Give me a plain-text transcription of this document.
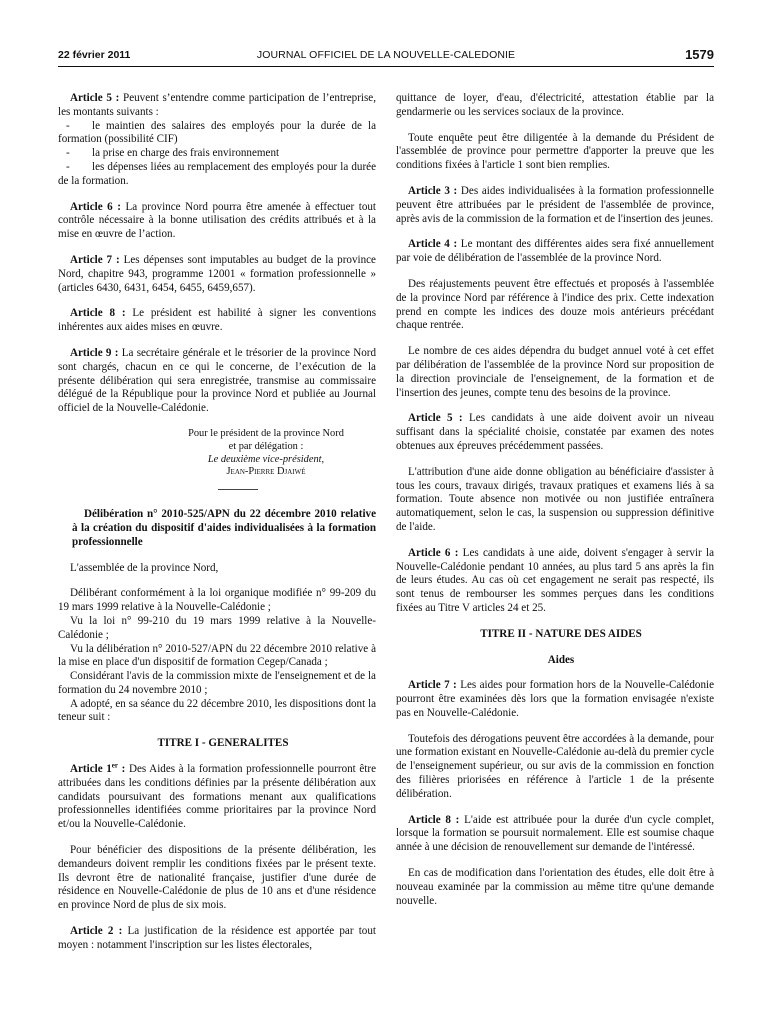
22 février 2011	JOURNAL OFFICIEL DE LA NOUVELLE-CALEDONIE	1579

Article 5 : Peuvent s’entendre comme participation de l’entreprise, les montants suivants :

- le maintien des salaires des employés pour la durée de la formation (possibilité CIF)

- la prise en charge des frais environnement

- les dépenses liées au remplacement des employés pour la durée de la formation.

Article 6 : La province Nord pourra être amenée à effectuer tout contrôle nécessaire à la bonne utilisation des crédits attribués et à la mise en œuvre de l’action.

Article 7 : Les dépenses sont imputables au budget de la province Nord, chapitre 943, programme 12001 « formation professionnelle » (articles 6430, 6431, 6454, 6455, 6459,657).

Article 8 : Le président est habilité à signer les conventions inhérentes aux aides mises en œuvre.

Article 9 : La secrétaire générale et le trésorier de la province Nord sont chargés, chacun en ce qui le concerne, de l’exécution de la présente délibération qui sera enregistrée, transmise au commissaire délégué de la République pour la province Nord et publiée au Journal officiel de la Nouvelle-Calédonie.

Pour le président de la province Nord
et par délégation :
Le deuxième vice-président,
Jean-Pierre Djaiwé

Délibération n° 2010-525/APN du 22 décembre 2010 relative à la création du dispositif d'aides individualisées à la formation professionnelle

L'assemblée de la province Nord,

Délibérant conformément à la loi organique modifiée n° 99-209 du 19 mars 1999 relative à la Nouvelle-Calédonie ;

Vu la loi n° 99-210 du 19 mars 1999 relative à la Nouvelle-Calédonie ;

Vu la délibération n° 2010-527/APN du 22 décembre 2010 relative à la mise en place d'un dispositif de formation Cegep/Canada ;

Considérant l'avis de la commission mixte de l'enseignement et de la formation du 24 novembre 2010 ;

A adopté, en sa séance du 22 décembre 2010, les dispositions dont la teneur suit :

TITRE I - GENERALITES

Article 1er : Des Aides à la formation professionnelle pourront être attribuées dans les conditions définies par la présente délibération aux candidats poursuivant des formations menant aux qualifications professionnelles identifiées comme prioritaires par la province Nord et/ou la Nouvelle-Calédonie.

Pour bénéficier des dispositions de la présente délibération, les demandeurs doivent remplir les conditions fixées par le présent texte. Ils devront être de nationalité française, justifier d'une durée de résidence en Nouvelle-Calédonie de plus de 10 ans et d'une résidence en province Nord de plus de six mois.

Article 2 : La justification de la résidence est apportée par tout moyen : notamment l'inscription sur les listes électorales,

quittance de loyer, d'eau, d'électricité, attestation établie par la gendarmerie ou les services sociaux de la province.

Toute enquête peut être diligentée à la demande du Président de l'assemblée de province pour permettre d'apporter la preuve que les conditions fixées à l'article 1 sont bien remplies.

Article 3 : Des aides individualisées à la formation professionnelle peuvent être attribuées par le président de l'assemblée de province, après avis de la commission de la formation et de l'insertion des jeunes.

Article 4 : Le montant des différentes aides sera fixé annuellement par voie de délibération de l'assemblée de la province Nord.

Des réajustements peuvent être effectués et proposés à l'assemblée de la province Nord par référence à l'indice des prix. Cette indexation prend en compte les indices des douze mois antérieurs précédant chaque rentrée.

Le nombre de ces aides dépendra du budget annuel voté à cet effet par délibération de l'assemblée de la province Nord sur proposition de la direction provinciale de l'enseignement, de la formation et de l'insertion des jeunes, compte tenu des besoins de la province.

Article 5 : Les candidats à une aide doivent avoir un niveau suffisant dans la spécialité choisie, constatée par examen des notes obtenues aux épreuves précédemment passées.

L'attribution d'une aide donne obligation au bénéficiaire d'assister à tous les cours, travaux dirigés, travaux pratiques et examens liés à sa formation. Toute absence non motivée ou non justifiée entraînera automatiquement, selon le cas, la suspension ou suppression définitive de l'aide.

Article 6 : Les candidats à une aide, doivent s'engager à servir la Nouvelle-Calédonie pendant 10 années, au plus tard 5 ans après la fin de leurs études. Au cas où cet engagement ne serait pas respecté, ils sont tenus de rembourser les sommes perçues dans les conditions fixées au Titre V articles 24 et 25.

TITRE II - NATURE DES AIDES

Aides

Article 7 : Les aides pour formation hors de la Nouvelle-Calédonie pourront être examinées dès lors que la formation envisagée n'existe pas en Nouvelle-Calédonie.

Toutefois des dérogations peuvent être accordées à la demande, pour une formation existant en Nouvelle-Calédonie au-delà du premier cycle de l'enseignement supérieur, ou sur avis de la commission en fonction des filières priorisées en référence à l'article 1 de la présente délibération.

Article 8 : L'aide est attribuée pour la durée d'un cycle complet, lorsque la formation se poursuit normalement. Elle est soumise chaque année à une décision de renouvellement sur demande de l'intéressé.

En cas de modification dans l'orientation des études, elle doit être à nouveau examinée par la commission au même titre qu'une demande nouvelle.
